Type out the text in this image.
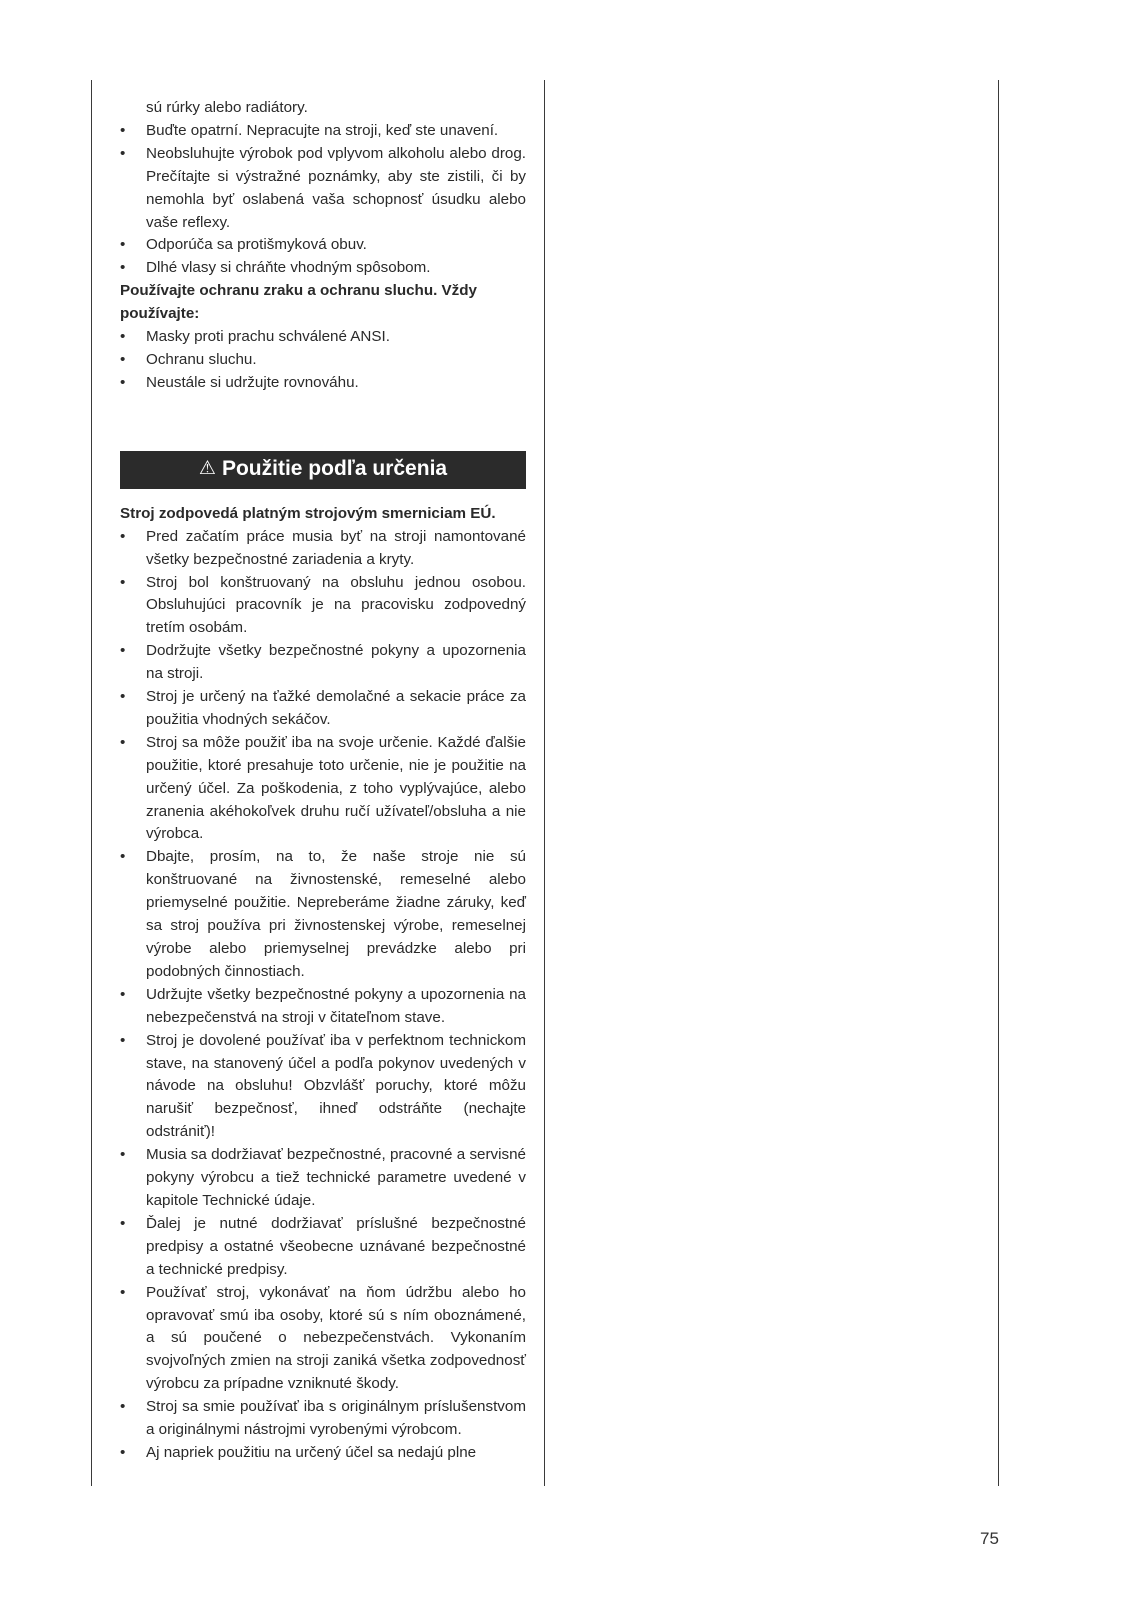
sú rúrky alebo radiátory.
• Buďte opatrní. Nepracujte na stroji, keď ste unavení.
• Neobsluhujte výrobok pod vplyvom alkoholu alebo drog. Prečítajte si výstražné poznámky, aby ste zistili, či by nemohla byť oslabená vaša schopnosť úsudku alebo vaše reflexy.
• Odporúča sa protišmyková obuv.
• Dlhé vlasy si chráňte vhodným spôsobom.
Používajte ochranu zraku a ochranu sluchu. Vždy používajte:
• Masky proti prachu schválené ANSI.
• Ochranu sluchu.
• Neustále si udržujte rovnováhu.
⚠ Použitie podľa určenia
Stroj zodpovedá platným strojovým smerniciam EÚ.
• Pred začatím práce musia byť na stroji namontované všetky bezpečnostné zariadenia a kryty.
• Stroj bol konštruovaný na obsluhu jednou osobou. Obsluhujúci pracovník je na pracovisku zodpovedný tretím osobám.
• Dodržujte všetky bezpečnostné pokyny a upozornenia na stroji.
• Stroj je určený na ťažké demolačné a sekacie práce za použitia vhodných sekáčov.
• Stroj sa môže použiť iba na svoje určenie. Každé ďalšie použitie, ktoré presahuje toto určenie, nie je použitie na určený účel. Za poškodenia, z toho vyplývajúce, alebo zranenia akéhokoľvek druhu ručí užívateľ/obsluha a nie výrobca.
• Dbajte, prosím, na to, že naše stroje nie sú konštruované na živnostenské, remeselné alebo priemyselné použitie. Nepreberáme žiadne záruky, keď sa stroj používa pri živnostenskej výrobe, remeselnej výrobe alebo priemyselnej prevádzke alebo pri podobných činnostiach.
• Udržujte všetky bezpečnostné pokyny a upozornenia na nebezpečenstvá na stroji v čitateľnom stave.
• Stroj je dovolené používať iba v perfektnom technickom stave, na stanovený účel a podľa pokynov uvedených v návode na obsluhu! Obzvlášť poruchy, ktoré môžu narušiť bezpečnosť, ihneď odstráňte (nechajte odstrániť)!
• Musia sa dodržiavať bezpečnostné, pracovné a servisné pokyny výrobcu a tiež technické parametre uvedené v kapitole Technické údaje.
• Ďalej je nutné dodržiavať príslušné bezpečnostné predpisy a ostatné všeobecne uznávané bezpečnostné a technické predpisy.
• Používať stroj, vykonávať na ňom údržbu alebo ho opravovať smú iba osoby, ktoré sú s ním oboznámené, a sú poučené o nebezpečenstvách. Vykonaním svojvoľných zmien na stroji zaniká všetka zodpovednosť výrobcu za prípadne vzniknuté škody.
• Stroj sa smie používať iba s originálnym príslušenstvom a originálnymi nástrojmi vyrobenými výrobcom.
• Aj napriek použitiu na určený účel sa nedajú plne
75
